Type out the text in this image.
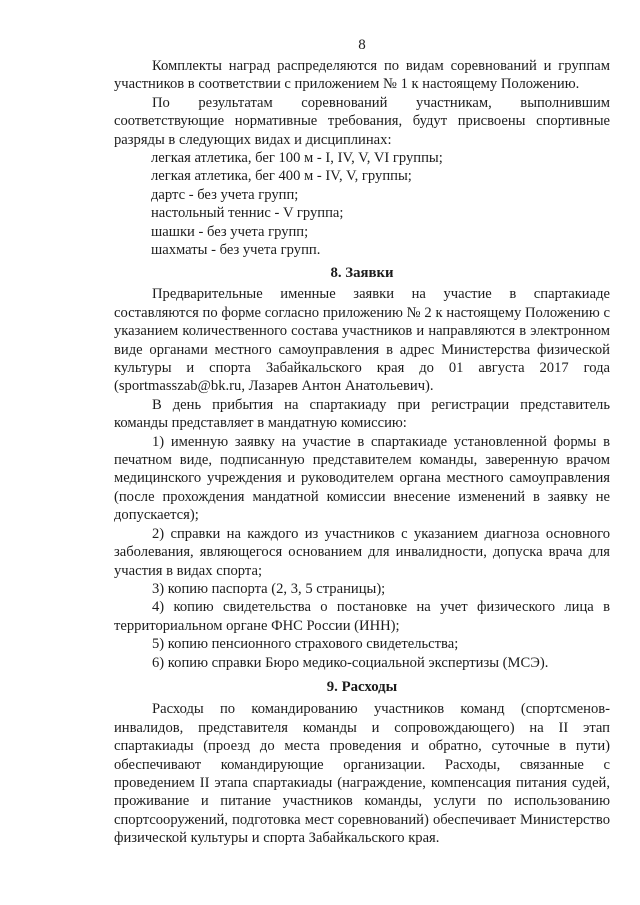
8

Комплекты наград распределяются по видам соревнований и группам участников в соответствии с приложением № 1 к настоящему Положению.

По результатам соревнований участникам, выполнившим соответствующие нормативные требования, будут присвоены спортивные разряды в следующих видах и дисциплинах:

легкая атлетика, бег 100 м - I, IV, V, VI группы;

легкая атлетика, бег 400 м - IV, V, группы;

дартс - без учета групп;

настольный теннис - V группа;

шашки - без учета групп;

шахматы - без учета групп.

8. Заявки

Предварительные именные заявки на участие в спартакиаде составляются по форме согласно приложению № 2 к настоящему Положению с указанием количественного состава участников и направляются в электронном виде органами местного самоуправления в адрес Министерства физической культуры и спорта Забайкальского края до 01 августа 2017 года (sportmasszab@bk.ru, Лазарев Антон Анатольевич).

В день прибытия на спартакиаду при регистрации представитель команды представляет в мандатную комиссию:

1) именную заявку на участие в спартакиаде установленной формы в печатном виде, подписанную представителем команды, заверенную врачом медицинского учреждения и руководителем органа местного самоуправления (после прохождения мандатной комиссии внесение изменений в заявку не допускается);

2) справки на каждого из участников с указанием диагноза основного заболевания, являющегося основанием для инвалидности, допуска врача для участия в видах спорта;

3) копию паспорта (2, 3, 5 страницы);

4) копию свидетельства о постановке на учет физического лица в территориальном органе ФНС России (ИНН);

5) копию пенсионного страхового свидетельства;

6) копию справки Бюро медико-социальной экспертизы (МСЭ).

9. Расходы

Расходы по командированию участников команд (спортсменов-инвалидов, представителя команды и сопровождающего) на II этап спартакиады (проезд до места проведения и обратно, суточные в пути) обеспечивают командирующие организации. Расходы, связанные с проведением II этапа спартакиады (награждение, компенсация питания судей, проживание и питание участников команды, услуги по использованию спортсооружений, подготовка мест соревнований) обеспечивает Министерство физической культуры и спорта Забайкальского края.
